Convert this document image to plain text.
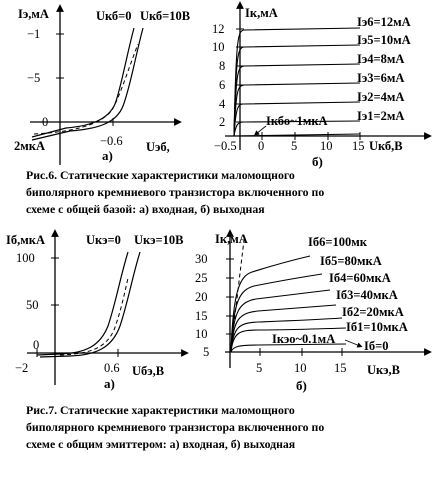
Iэ,мА	Uкб=0 Uкб=10В
−1
−5
0
−0.6
2мкА	Uэб,
а)
Iк,мА
12
10
8
6
4
2
−0.5 0 5 10 15 Uкб,В
б)
Iэ6=12мА
Iэ5=10мА
Iэ4=8мА
Iэ3=6мА
Iэ2=4мА
Iэ1=2мА
Iкбо~1мкА
Iб,мкА	Uкэ=0 Uкэ=10В
100
50
0
−2	0.6 Uбэ,В
а)
Iк,мА
30
25
20
15
10
5
5	10 15 Uкэ,В
б)
Iб6=100мк
Iб5=80мкА
Iб4=60мкА
Iб3=40мкА
Iб2=20мкА
Iб1=10мкА
Iкэо~0.1мА Iб=0
Рис.6. Статические характеристики маломощного
биполярного кремниевого транзистора включенного по
схеме с общей базой: а) входная, б) выходная
Рис.7. Статические характеристики маломощного
биполярного кремниевого транзистора включенного по
схеме с общим эмиттером: а) входная, б) выходная
